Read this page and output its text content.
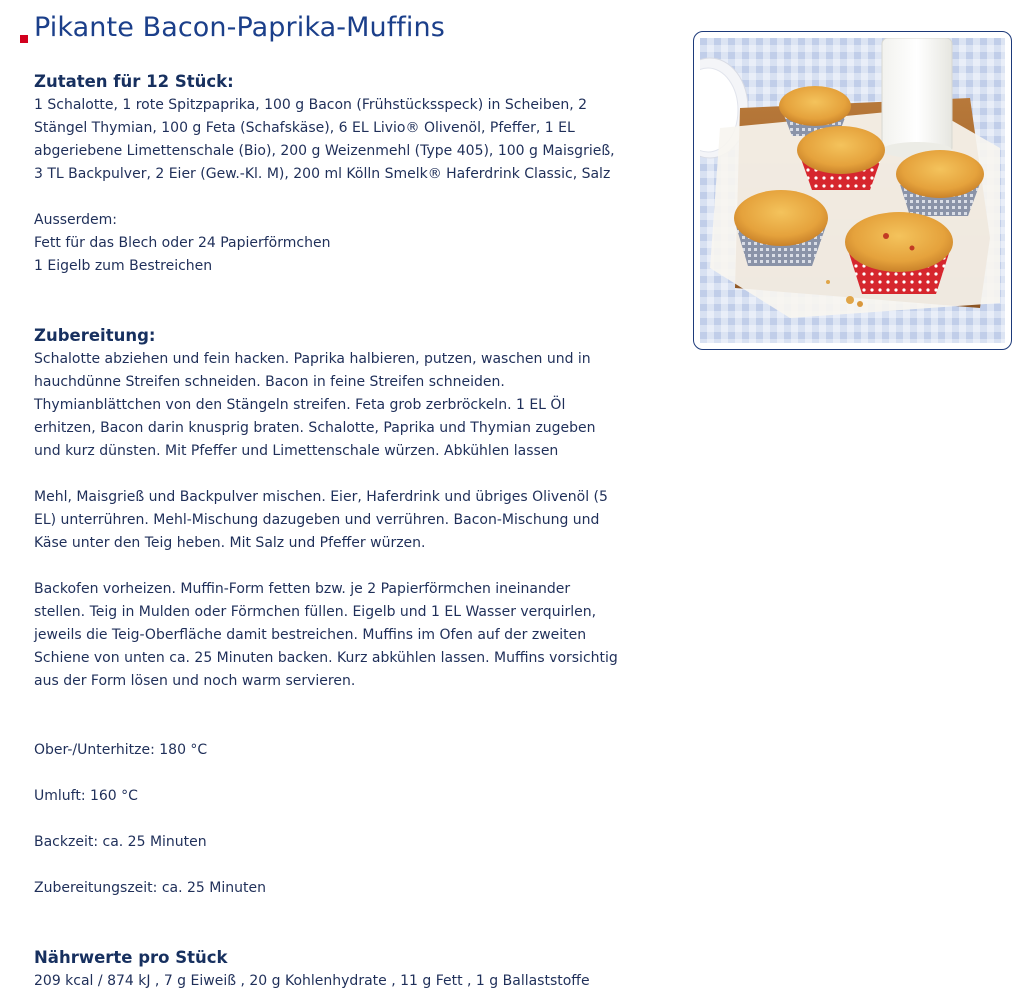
Pikante Bacon-Paprika-Muffins
Zutaten für 12 Stück:

1 Schalotte, 1 rote Spitzpaprika, 100 g Bacon (Frühstücksspeck) in Scheiben, 2

Stängel Thymian, 100 g Feta (Schafskäse), 6 EL Livio® Olivenöl, Pfeffer, 1 EL

abgeriebene Limettenschale (Bio), 200 g Weizenmehl (Type 405), 100 g Maisgrieß,

3 TL Backpulver, 2 Eier (Gew.-Kl. M), 200 ml Kölln Smelk® Haferdrink Classic, Salz

Ausserdem:

Fett für das Blech oder 24 Papierförmchen

1 Eigelb zum Bestreichen

Zubereitung:

Schalotte abziehen und fein hacken. Paprika halbieren, putzen, waschen und in

hauchdünne Streifen schneiden. Bacon in feine Streifen schneiden.

Thymianblättchen von den Stängeln streifen. Feta grob zerbröckeln. 1 EL Öl

erhitzen, Bacon darin knusprig braten. Schalotte, Paprika und Thymian zugeben

und kurz dünsten. Mit Pfeffer und Limettenschale würzen. Abkühlen lassen

Mehl, Maisgrieß und Backpulver mischen. Eier, Haferdrink und übriges Olivenöl (5

EL) unterrühren. Mehl-Mischung dazugeben und verrühren. Bacon-Mischung und

Käse unter den Teig heben. Mit Salz und Pfeffer würzen.

Backofen vorheizen. Muffin-Form fetten bzw. je 2 Papierförmchen ineinander

stellen. Teig in Mulden oder Förmchen füllen. Eigelb und 1 EL Wasser verquirlen,

jeweils die Teig-Oberfläche damit bestreichen. Muffins im Ofen auf der zweiten

Schiene von unten ca. 25 Minuten backen. Kurz abkühlen lassen. Muffins vorsichtig

aus der Form lösen und noch warm servieren.

Ober-/Unterhitze: 180 °C

Umluft: 160 °C

Backzeit: ca. 25 Minuten

Zubereitungszeit: ca. 25 Minuten

Nährwerte pro Stück

209 kcal / 874 kJ , 7 g Eiweiß , 20 g Kohlenhydrate , 11 g Fett , 1 g Ballaststoffe
